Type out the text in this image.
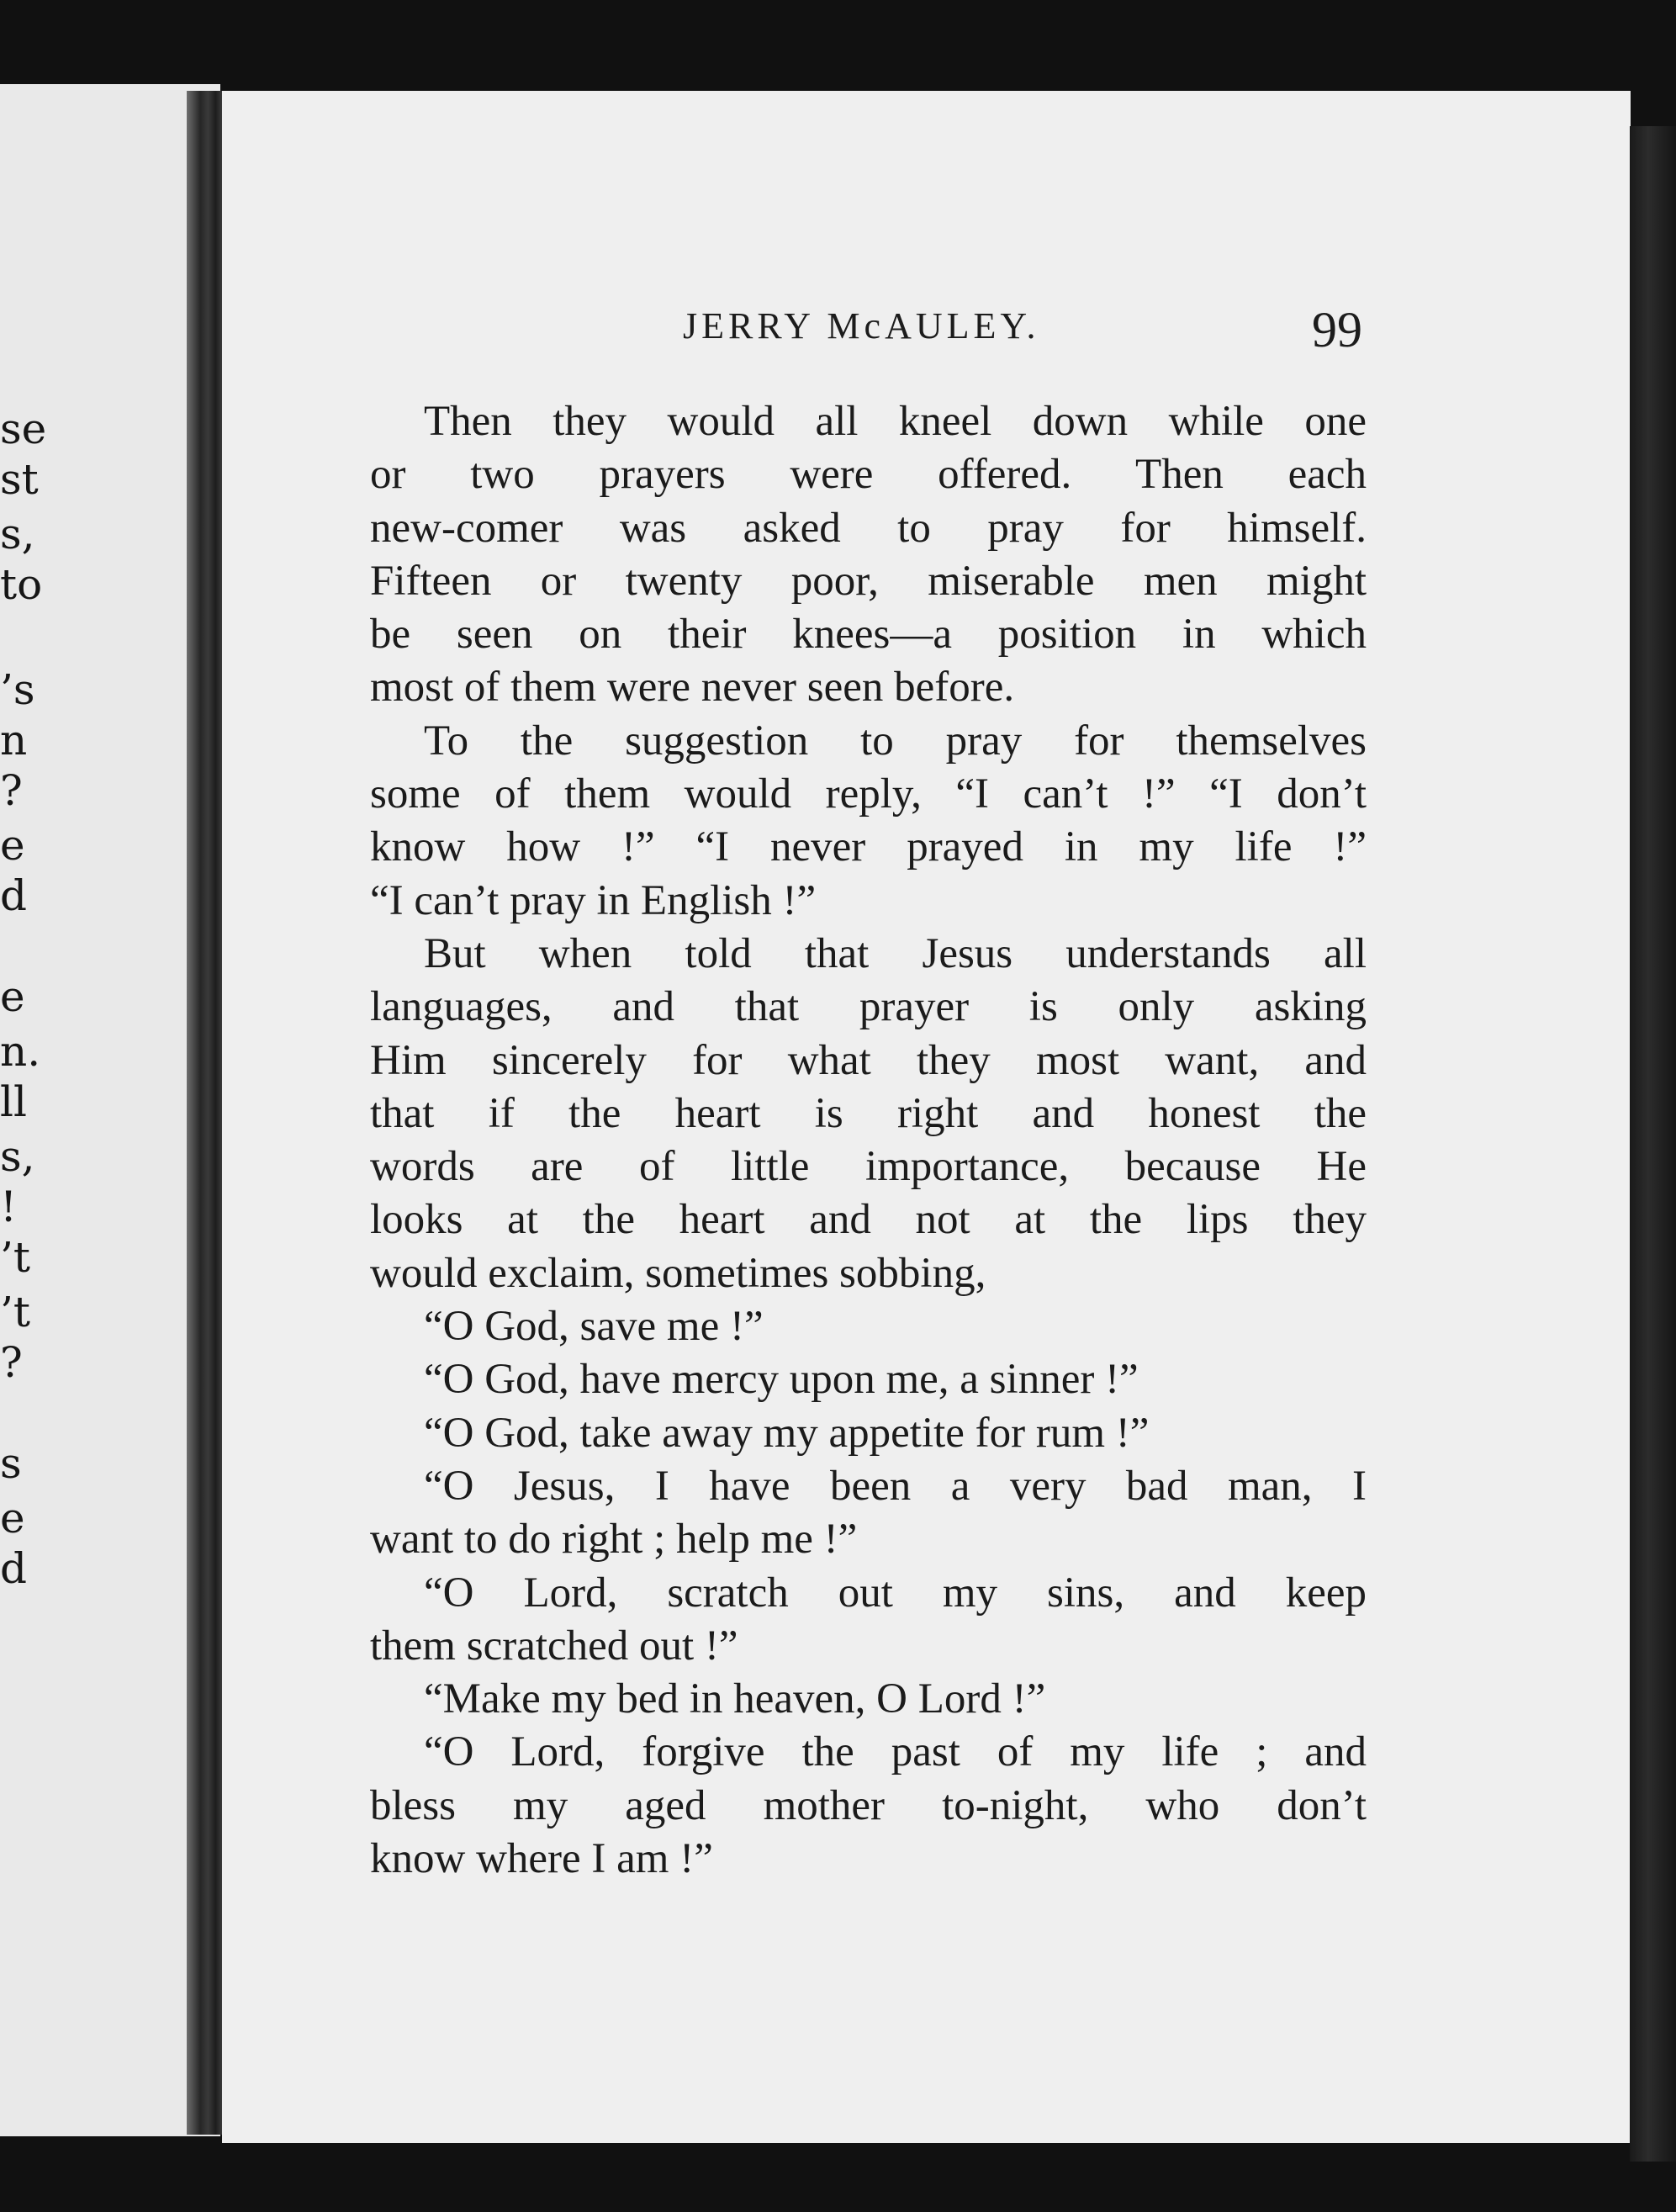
se
st
s,
to
’s
n
?
e
d
e
n.
ll
s,
!
’t
’t
?
s
e
d
JERRY McAULEY.	99
Then they would all kneel down while one
or two prayers were offered. Then each
new-comer was asked to pray for himself.
Fifteen or twenty poor, miserable men might
be seen on their knees—a position in which
most of them were never seen before.
To the suggestion to pray for themselves
some of them would reply, “I can’t !” “I don’t
know how !” “I never prayed in my life !”
“I can’t pray in English !”
But when told that Jesus understands all
languages, and that prayer is only asking
Him sincerely for what they most want, and
that if the heart is right and honest the
words are of little importance, because He
looks at the heart and not at the lips they
would exclaim, sometimes sobbing,
“O God, save me !”
“O God, have mercy upon me, a sinner !”
“O God, take away my appetite for rum !”
“O Jesus, I have been a very bad man, I
want to do right ; help me !”
“O Lord, scratch out my sins, and keep
them scratched out !”
“Make my bed in heaven, O Lord !”
“O Lord, forgive the past of my life ; and
bless my aged mother to-night, who don’t
know where I am !”
